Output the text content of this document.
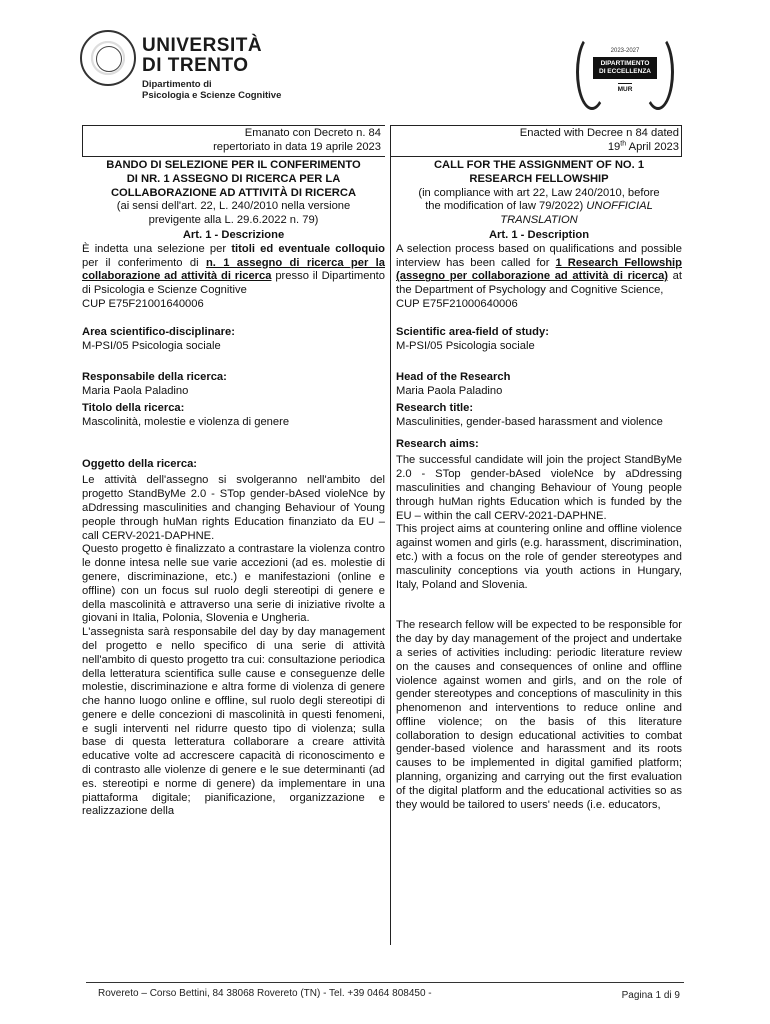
UNIVERSITÀ
DI TRENTO
Dipartimento di
Psicologia e Scienze Cognitive
2023-2027
DIPARTIMENTO
DI ECCELLENZA
MUR
Emanato con Decreto n. 84
repertoriato in data 19 aprile 2023
BANDO DI SELEZIONE PER IL CONFERIMENTO
DI NR. 1 ASSEGNO DI RICERCA PER LA
COLLABORAZIONE AD ATTIVITÀ DI RICERCA
(ai sensi dell'art. 22, L. 240/2010 nella versione
previgente alla L. 29.6.2022 n. 79)
Art. 1 - Descrizione

È indetta una selezione per titoli ed eventuale colloquio per il conferimento di n. 1 assegno di ricerca per la collaborazione ad attività di ricerca presso il Dipartimento di Psicologia e Scienze Cognitive

CUP E75F21001640006
Area scientifico-disciplinare:
M-PSI/05 Psicologia sociale
Responsabile della ricerca:
Maria Paola Paladino
Titolo della ricerca:
Mascolinità, molestie e violenza di genere
Oggetto della ricerca:

Le attività dell'assegno si svolgeranno nell'ambito del progetto StandByMe 2.0 - STop gender-bAsed violeNce by aDdressing masculinities and changing Behaviour of Young people through huMan rights Education finanziato da EU – call CERV-2021-DAPHNE.

Questo progetto è finalizzato a contrastare la violenza contro le donne intesa nelle sue varie accezioni (ad es. molestie di genere, discriminazione, etc.) e manifestazioni (online e offline) con un focus sul ruolo degli stereotipi di genere e della mascolinità e attraverso una serie di iniziative rivolte a giovani in Italia, Polonia, Slovenia e Ungheria.

L'assegnista sarà responsabile del day by day management del progetto e nello specifico di una serie di attività nell'ambito di questo progetto tra cui: consultazione periodica della letteratura scientifica sulle cause e conseguenze delle molestie, discriminazione e altra forme di violenza di genere che hanno luogo online e offline, sul ruolo degli stereotipi di genere e delle concezioni di mascolinità in questi fenomeni, e sugli interventi nel ridurre questo tipo di violenza; sulla base di questa letteratura collaborare a creare attività educative volte ad accrescere capacità di riconoscimento e di contrasto alle violenze di genere e le sue determinanti (ad es. stereotipi e norme di genere) da implementare in una piattaforma digitale; pianificazione, organizzazione e realizzazione della

Enacted with Decree n 84 dated
19th April 2023
CALL FOR THE ASSIGNMENT OF NO. 1
RESEARCH FELLOWSHIP
(in compliance with art 22, Law 240/2010, before
the modification of law 79/2022) UNOFFICIAL
TRANSLATION
Art. 1 - Description

A selection process based on qualifications and possible interview has been called for 1 Research Fellowship (assegno per collaborazione ad attività di ricerca) at the Department of Psychology and Cognitive Science,

CUP E75F21000640006
Scientific area-field of study:
M-PSI/05 Psicologia sociale
Head of the Research
Maria Paola Paladino
Research title:

Masculinities, gender-based harassment and violence

Research aims:

The successful candidate will join the project StandByMe 2.0 - STop gender-bAsed violeNce by aDdressing masculinities and changing Behaviour of Young people through huMan rights Education which is funded by the EU – within the call CERV-2021-DAPHNE.

This project aims at countering online and offline violence against women and girls (e.g. harassment, discrimination, etc.) with a focus on the role of gender stereotypes and masculinity conceptions via youth actions in Hungary, Italy, Poland and Slovenia.

The research fellow will be expected to be responsible for the day by day management of the project and undertake a series of activities including: periodic literature review on the causes and consequences of online and offline violence against women and girls, and on the role of gender stereotypes and conceptions of masculinity in this phenomenon and interventions to reduce online and offline violence; on the basis of this literature collaboration to design educational activities to combat gender-based violence and harassment and its roots causes to be implemented in digital gamified platform; planning, organizing and carrying out the first evaluation of the digital platform and the educational activities so as they would be tailored to users' needs (i.e. educators,

Rovereto – Corso Bettini, 84 38068 Rovereto (TN) - Tel. +39 0464 808450 -	Pagina 1 di 9
